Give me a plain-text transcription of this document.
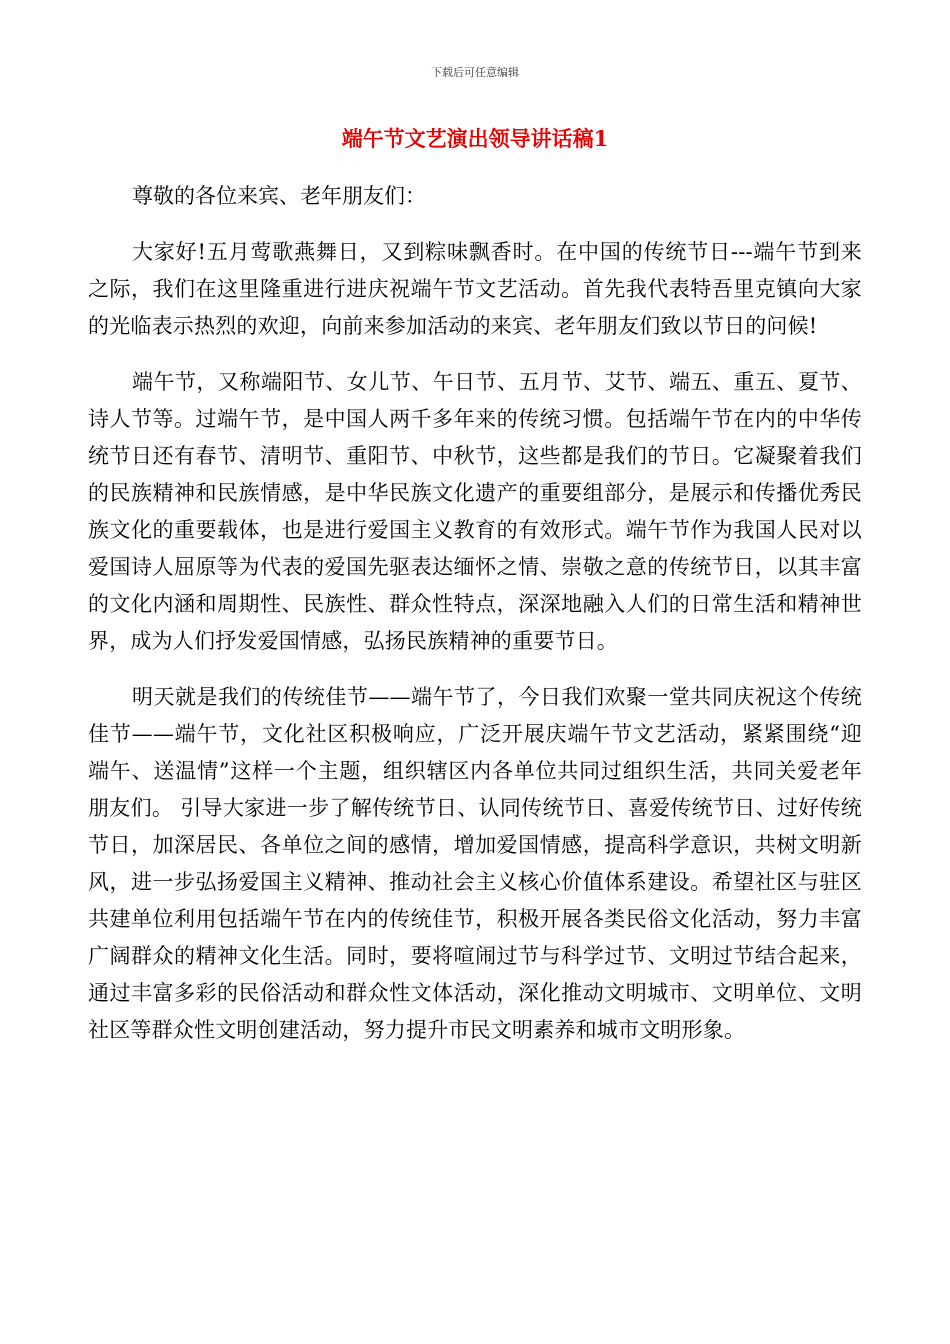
下载后可任意编辑
端午节文艺演出领导讲话稿1

尊敬的各位来宾、老年朋友们：

大家好!五月莺歌燕舞日，又到粽味飘香时。在中国的传统节日---端午节到来之际，我们在这里隆重进行进庆祝端午节文艺活动。首先我代表特吾里克镇向大家的光临表示热烈的欢迎，向前来参加活动的来宾、老年朋友们致以节日的问候!

端午节，又称端阳节、女儿节、午日节、五月节、艾节、端五、重五、夏节、诗人节等。过端午节，是中国人两千多年来的传统习惯。包括端午节在内的中华传统节日还有春节、清明节、重阳节、中秋节，这些都是我们的节日。它凝聚着我们的民族精神和民族情感，是中华民族文化遗产的重要组部分，是展示和传播优秀民族文化的重要载体，也是进行爱国主义教育的有效形式。端午节作为我国人民对以爱国诗人屈原等为代表的爱国先驱表达缅怀之情、崇敬之意的传统节日，以其丰富的文化内涵和周期性、民族性、群众性特点，深深地融入人们的日常生活和精神世界，成为人们抒发爱国情感，弘扬民族精神的重要节日。

明天就是我们的传统佳节——端午节了，今日我们欢聚一堂共同庆祝这个传统佳节——端午节，文化社区积极响应，广泛开展庆端午节文艺活动，紧紧围绕“迎端午、送温情”这样一个主题，组织辖区内各单位共同过组织生活，共同关爱老年朋友们。 引导大家进一步了解传统节日、认同传统节日、喜爱传统节日、过好传统节日，加深居民、各单位之间的感情，增加爱国情感，提高科学意识，共树文明新风，进一步弘扬爱国主义精神、推动社会主义核心价值体系建设。希望社区与驻区共建单位利用包括端午节在内的传统佳节，积极开展各类民俗文化活动，努力丰富广阔群众的精神文化生活。同时，要将喧闹过节与科学过节、文明过节结合起来，通过丰富多彩的民俗活动和群众性文体活动，深化推动文明城市、文明单位、文明社区等群众性文明创建活动，努力提升市民文明素养和城市文明形象。
